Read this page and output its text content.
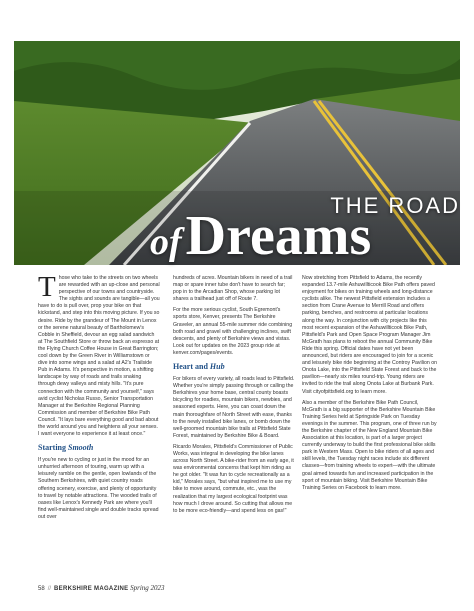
THE ROAD
ofDreams

Those who take to the streets on two wheels are rewarded with an up-close and personal perspective of our towns and countryside. The sights and sounds are tangible—all you have to do is pull over, prop your bike on that kickstand, and step into this moving picture. If you so desire. Ride by the grandeur of The Mount in Lenox or the serene natural beauty of Bartholomew's Cobble in Sheffield, devour an egg salad sandwich at The Southfield Store or throw back an espresso at the Flying Church Coffee House in Great Barrington; cool down by the Green River in Williamstown or dive into some wings and a salad at A2's Trailside Pub in Adams. It's perspective in motion, a shifting landscape by way of roads and trails snaking through dewy valleys and misty hills. "It's pure connection with the community and yourself," says avid cyclist Nicholas Russo, Senior Transportation Manager at the Berkshire Regional Planning Commission and member of Berkshire Bike Path Council. "It lays bare everything good and bad about the world around you and heightens all your senses. I want everyone to experience it at least once."

Starting Smooth

If you're new to cycling or just in the mood for an unhurried afternoon of touring, warm up with a leisurely ramble on the gentle, open lowlands of the Southern Berkshires, with quiet country roads offering scenery, exercise, and plenty of opportunity to travel by notable attractions. The wooded trails of oases like Lenox's Kennedy Park are where you'll find well-maintained single and double tracks spread out over

hundreds of acres. Mountain bikers in need of a trail map or spare inner tube don't have to search far; pop in to the Arcadian Shop, whose parking lot shares a trailhead just off of Route 7.

For the more serious cyclist, South Egremont's sports store, Kenver, presents The Berkshire Graveler, an annual 55-mile summer ride combining both road and gravel with challenging inclines, swift descents, and plenty of Berkshire views and vistas. Look out for updates on the 2023 group ride at kenver.com/pages/events.

Heart and Hub

For bikers of every variety, all roads lead to Pittsfield. Whether you're simply passing through or calling the Berkshires your home base, central county boasts bicycling for roadies, mountain bikers, newbies, and seasoned experts. Here, you can coast down the main thoroughfare of North Street with ease, thanks to the newly installed bike lanes, or bomb down the well-groomed mountain bike trails at Pittsfield State Forest, maintained by Berkshire Bike & Board.

Ricardo Morales, Pittsfield's Commissioner of Public Works, was integral in developing the bike lanes across North Street. A bike-rider from an early age, it was environmental concerns that kept him riding as he got older. "It was fun to cycle recreationally as a kid," Morales says, "but what inspired me to use my bike to move around, commute, etc., was the realization that my largest ecological footprint was how much I drove around. So cutting that allows me to be more eco-friendly—and spend less on gas!"

Now stretching from Pittsfield to Adams, the recently expanded 13.7-mile Ashuwillticook Bike Path offers paved enjoyment for bikes on training wheels and long-distance cyclists alike. The newest Pittsfield extension includes a section from Crane Avenue to Merrill Road and offers parking, benches, and restrooms at particular locations along the way. In conjunction with city projects like this most recent expansion of the Ashuwillticook Bike Path, Pittsfield's Park and Open Space Program Manager Jim McGrath has plans to reboot the annual Community Bike Ride this spring. Official dates have not yet been announced, but riders are encouraged to join for a scenic and leisurely bike ride beginning at the Controy Pavilion on Onota Lake, into the Pittsfield State Forest and back to the pavilion—nearly six miles round-trip. Young riders are invited to ride the trail along Onota Lake at Burbank Park. Visit cityofpittsfield.org to learn more.

Also a member of the Berkshire Bike Path Council, McGrath is a big supporter of the Berkshire Mountain Bike Training Series held at Springside Park on Tuesday evenings in the summer. This program, one of three run by the Berkshire chapter of the New England Mountain Bike Association at this location, is part of a larger project currently underway to build the first professional bike skills park in Western Mass. Open to bike riders of all ages and skill levels, the Tuesday night races include six different classes—from training wheels to expert—with the ultimate goal aimed towards fun and increased participation in the sport of mountain biking. Visit Berkshire Mountain Bike Training Series on Facebook to learn more.

58 // BERKSHIRE MAGAZINE Spring 2023
